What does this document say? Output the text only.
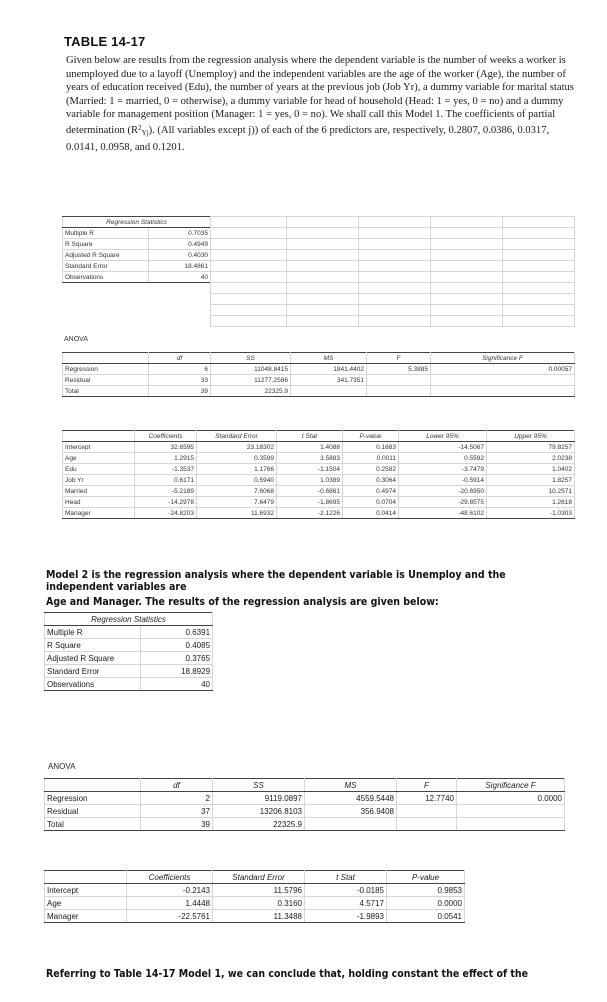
TABLE 14-17
Given below are results from the regression analysis where the dependent variable is the number of weeks a worker is unemployed due to a layoff (Unemploy) and the independent variables are the age of the worker (Age), the number of years of education received (Edu), the number of years at the previous job (Job Yr), a dummy variable for marital status (Married: 1 = married, 0 = otherwise), a dummy variable for head of household (Head: 1 = yes, 0 = no) and a dummy variable for management position (Manager: 1 = yes, 0 = no). We shall call this Model 1. The coefficients of partial determination $(R^2_{Yj})$. (All variables except j)) of each of the 6 predictors are, respectively, 0.2807, 0.0386, 0.0317, 0.0141, 0.0958, and 0.1201.
Regression Statistics	
Multiple R	0.7035
R Square	0.4949
Adjusted R Square	0.4030
Standard Error	18.4861
Observations	40

ANOVA
	df	SS	MS	F	Significance F
Regression	6	11048.8415	1841.4402	5.3885	0.00057
Residual	33	11277.2586	341.7351		
Total	39	22325.9			
	Coefficients	Standard Error	t Stat	P-value	Lower 95%	Upper 95%
Intercept	32.6595	23.18302	1.4088	0.1683	-14.5067	79.8257
Age	1.2915	0.3599	3.5883	0.0011	0.5592	2.0238
Edu	-1.3537	1.1766	-1.1504	0.2582	-3.7479	1.0402
Job Yr	0.6171	0.5940	1.0389	0.3064	-0.5914	1.8257
Married	-5.2189	7.6068	-0.6861	0.4974	-20.6950	10.2571
Head	-14.2978	7.6479	-1.8695	0.0704	-29.8575	1.2618
Manager	-24.8203	11.6932	-2.1226	0.0414	-48.6102	-1.0303
Model 2 is the regression analysis where the dependent variable is Unemploy and the
independent variables are
Age and Manager. The results of the regression analysis are given below:
Regression Statistics	
Multiple R	0.6391
R Square	0.4085
Adjusted R Square	0.3765
Standard Error	18.8929
Observations	40
ANOVA
	df	SS	MS	F	Significance F
Regression	2	9119.0897	4559.5448	12.7740	0.0000
Residual	37	13206.8103	356.9408		
Total	39	22325.9			
	Coefficients	Standard Error	t Stat	P-value
Intercept	-0.2143	11.5796	-0.0185	0.9853
Age	1.4448	0.3160	4.5717	0.0000
Manager	-22.5761	11.3488	-1.9893	0.0541
Referring to Table 14-17 Model 1, we can conclude that, holding constant the effect of the
